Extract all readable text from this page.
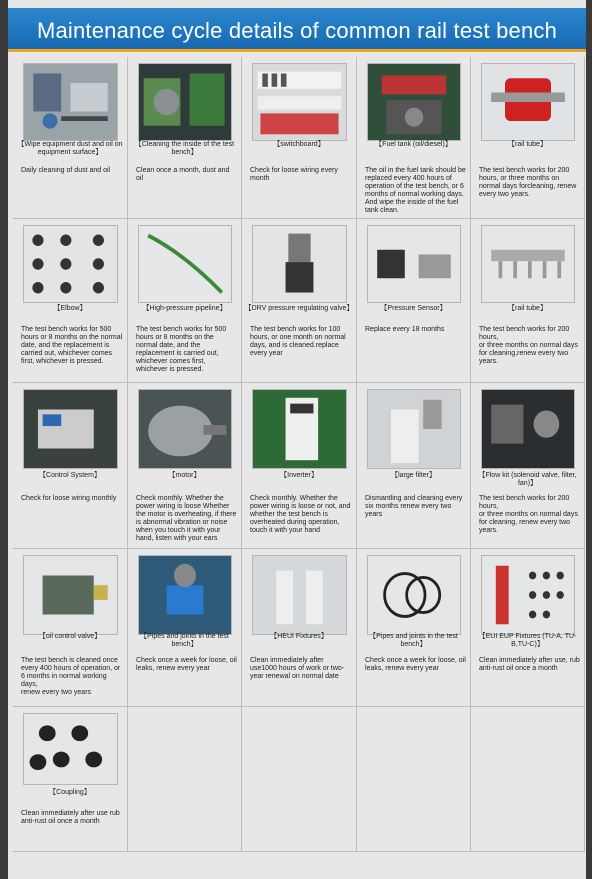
Maintenance cycle details of common rail test bench
【Wipe equipment dust and oil on equipment surface】
Daily cleaning of dust and oil
【Cleaning the inside of the test bench】
Clean once a month, dust and oil
【switchboard】
Check for loose wiring every month
【Fuel tank (oil/diesel)】
The oil in the fuel tank should be replaced every 400 hours of operation of the test bench, or 6 months of normal working days. And wipe the inside of the fuel tank clean.
【rail tube】
The test bench works for 200 hours, or three months on normal days forcleaning, renew every two years.
【Elbow】
The test bench works for 500 hours or 8 months on the normal date, and the replacement is carried out, whichever comes first, whichever is pressed.
【High-pressure pipeline】
The test bench works for 500 hours or 8 months on the normal date, and the replacement is carried out, whichever comes first, whichever is pressed.
【DRV pressure regulating valve】
The test bench works for 100 hours, or one month on normal days, and is cleaned.replace every year
【Pressure Sensor】
Replace every 18 months
【rail tube】
The test bench works for 200 hours,
or three months on normal days for cleaning,renew every two years.
【Control System】
Check for loose wiring monthly
【motor】
Check monthly. Whether the power wiring is loose Whether the motor is overheating, if there is abnormal vibration or noise when you touch it with your hand, listen with your ears
【Inverter】
Check monthly. Whether the power wiring is loose or not, and whether the test bench is overheated during operation, touch it with your hand
【large filter】
Dismantling and cleaning every six months renew every two years
【Flow kit (solenoid valve, filter, fan)】
The test bench works for 200 hours,
or three months on normal days for cleaning, renew every two years.
【oil control valve】
The test bench is cleaned once every 400 hours of operation, or 6 months in normal working days,
renew every two years
【Pipes and joints in the test bench】
Check once a week for loose, oil leaks, renew every year
【HEUI Fixtures】
Clean immediately after use1000 hours of work or two-year renewal on normal date
【Pipes and joints in the test bench】
Check once a week for loose, oil leaks, renew every year
【EUI EUP Fixtures (TU-A, TU-B,TU-C)】
Clean immediately after use, rub anti-rust oil once a month
【Coupling】
Clean immediately after use rub anti-rust oil once a month
